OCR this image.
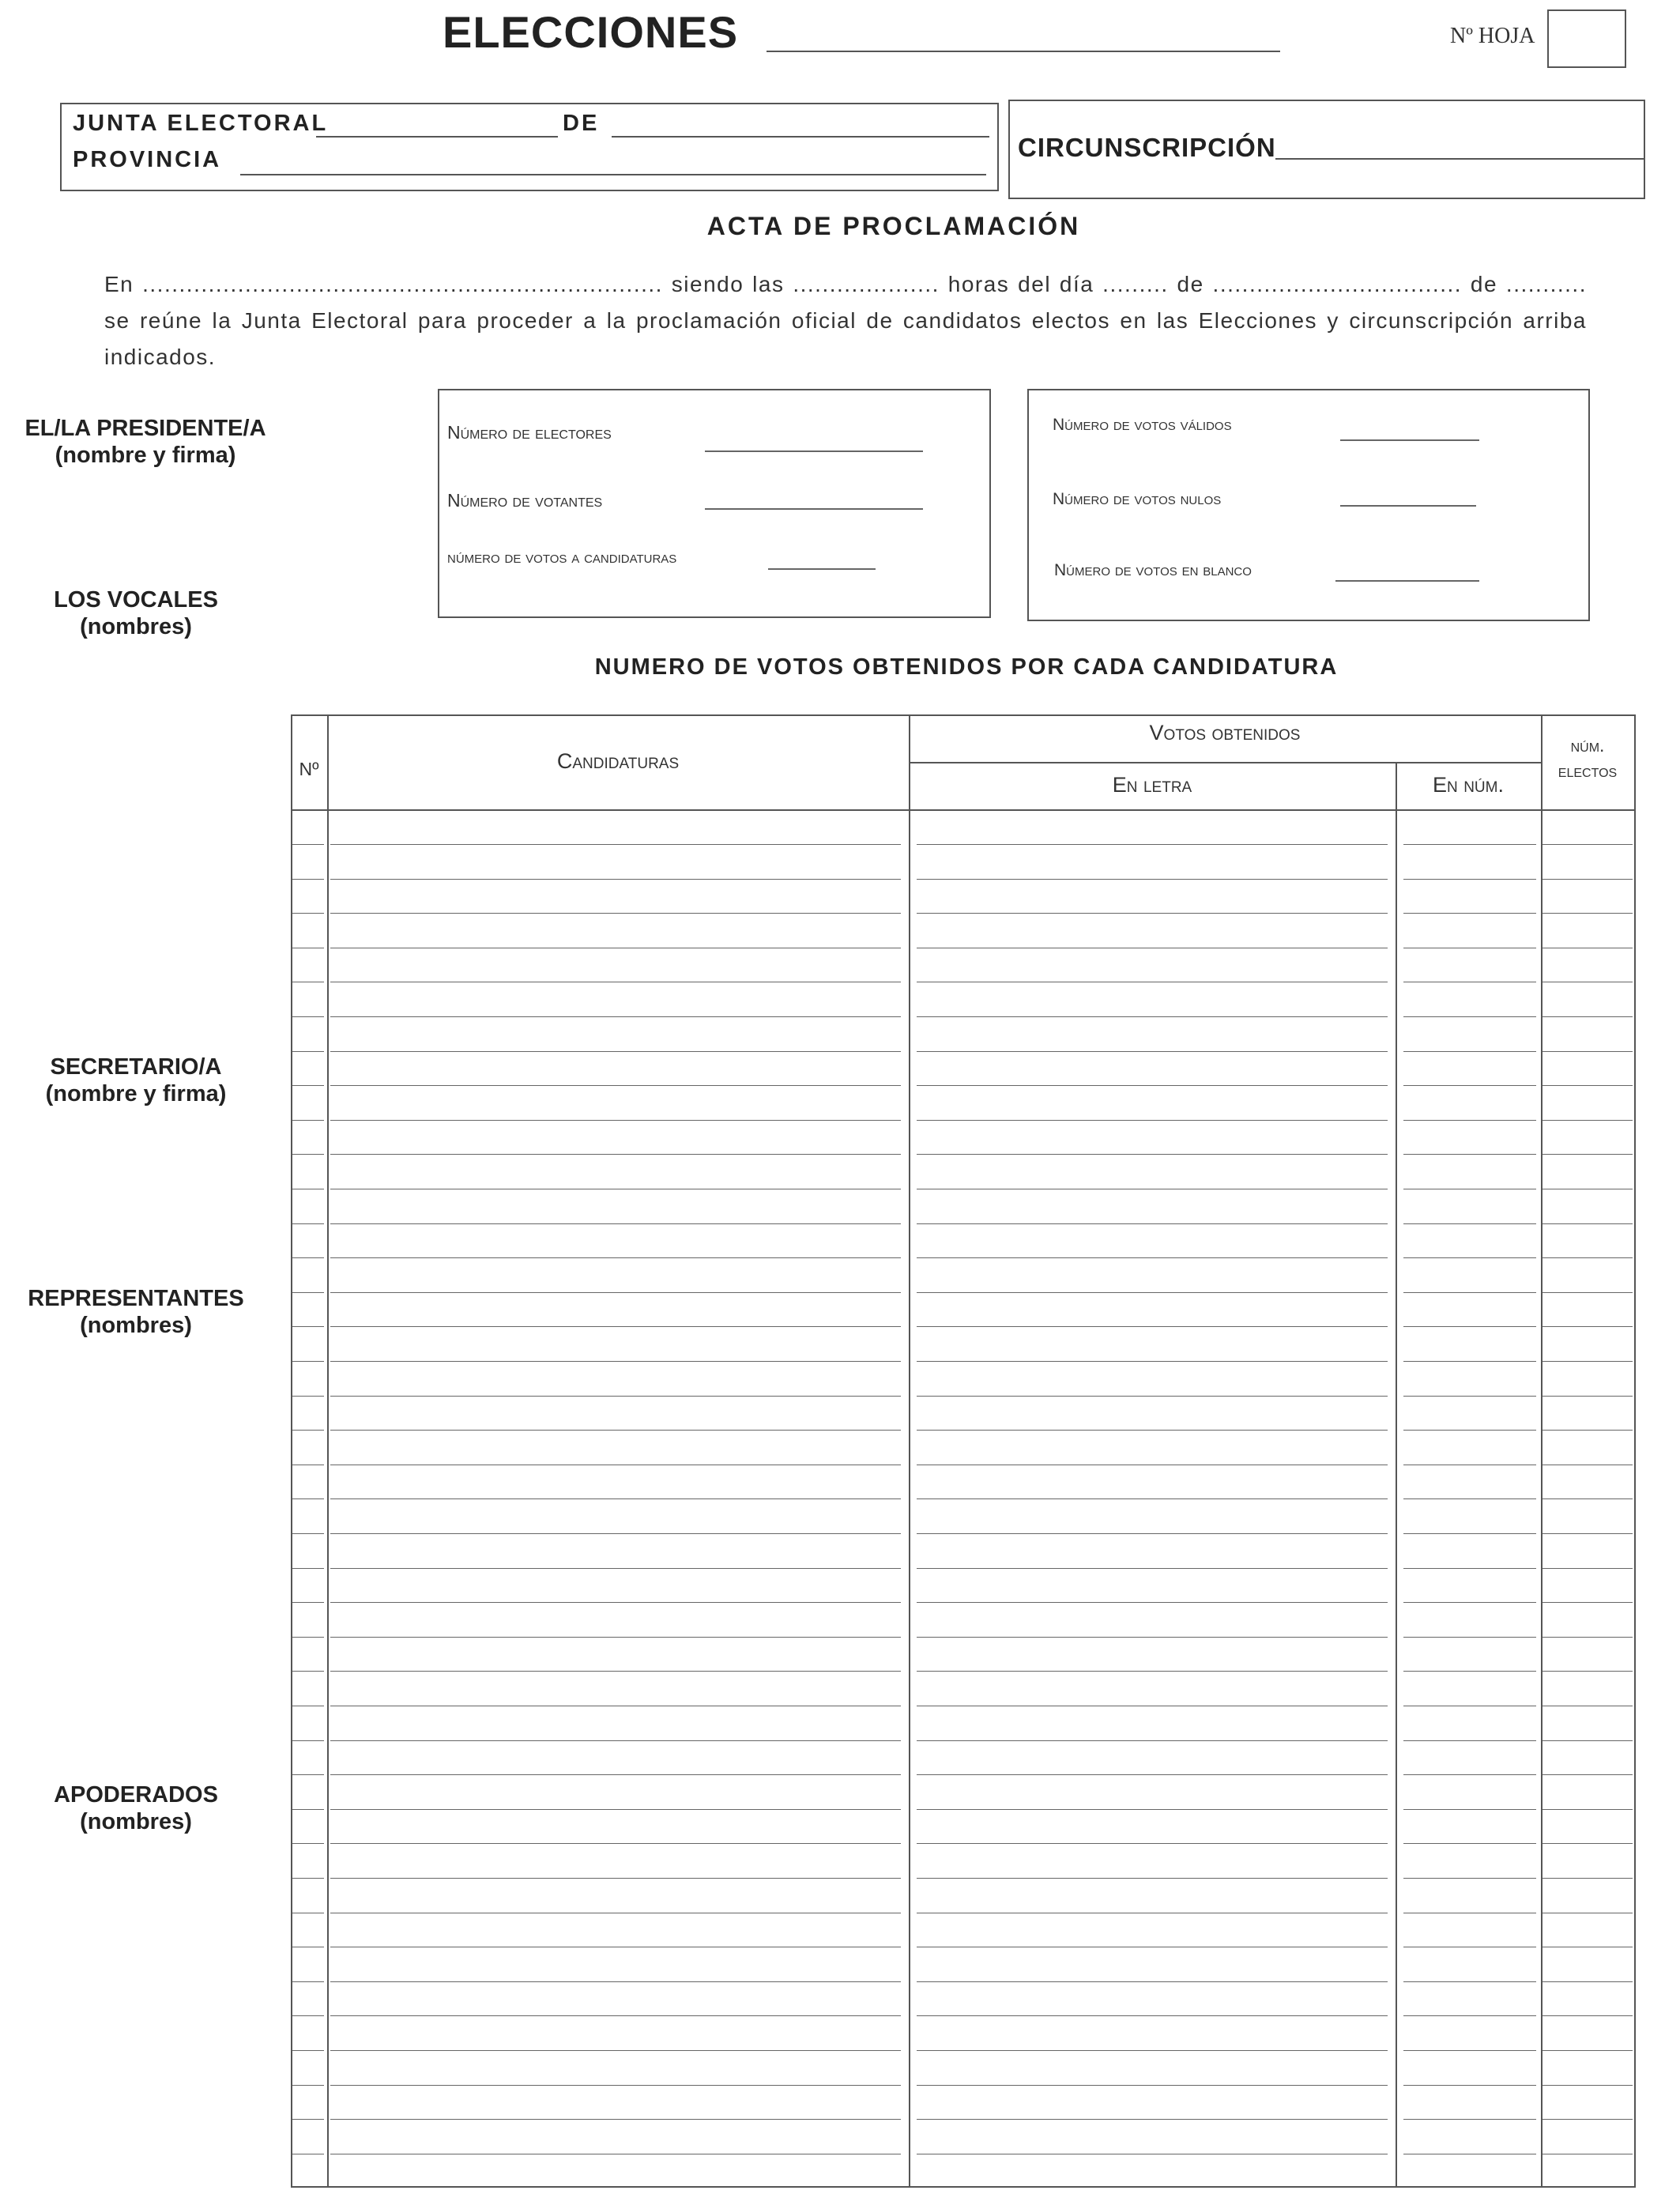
ELECCIONES	Nº HOJA
JUNTA ELECTORAL	DE
PROVINCIA	CIRCUNSCRIPCIÓN
ACTA DE PROCLAMACIÓN
En ....................................................................... siendo las .................... horas del día ......... de .................................. de ...........
se reúne la Junta Electoral para proceder a la proclamación oficial de candidatos electos en las Elecciones y circunscripción arriba
indicados.
EL/LA PRESIDENTE/A
(nombre y firma)
LOS VOCALES
(nombres)
SECRETARIO/A
(nombre y firma)
REPRESENTANTES
(nombres)
APODERADOS
(nombres)
Número de electores
Número de votantes
número de votos a candidaturas
Número de votos válidos
Número de votos nulos
Número de votos en blanco
NUMERO DE VOTOS OBTENIDOS POR CADA CANDIDATURA
Nº	Candidaturas
Votos obtenidos
En letra	En núm.
núm.
electos
